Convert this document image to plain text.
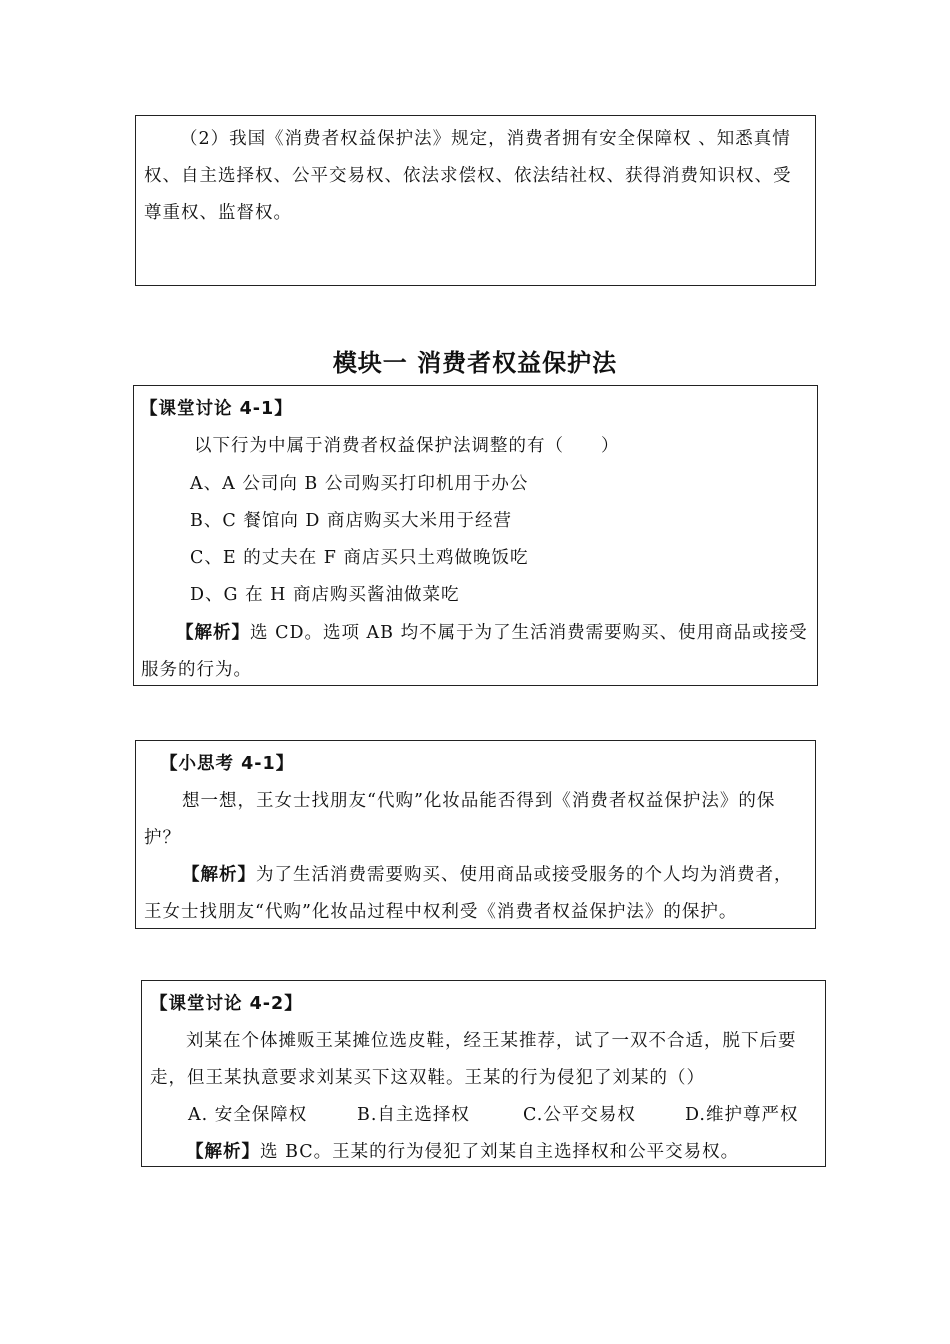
（2）我国《消费者权益保护法》规定，消费者拥有安全保障权 、知悉真情
权、自主选择权、公平交易权、依法求偿权、依法结社权、获得消费知识权、受
尊重权、监督权。
模块一 消费者权益保护法
【课堂讨论 4-1】
以下行为中属于消费者权益保护法调整的有（　　）
A、A 公司向 B 公司购买打印机用于办公
B、C 餐馆向 D 商店购买大米用于经营
C、E 的丈夫在 F 商店买只土鸡做晚饭吃
D、G 在 H 商店购买酱油做菜吃
【解析】选 CD。选项 AB 均不属于为了生活消费需要购买、使用商品或接受
服务的行为。
【小思考 4-1】
想一想，王女士找朋友“代购”化妆品能否得到《消费者权益保护法》的保
护？
【解析】为了生活消费需要购买、使用商品或接受服务的个人均为消费者，
王女士找朋友“代购”化妆品过程中权利受《消费者权益保护法》的保护。
【课堂讨论 4-2】
刘某在个体摊贩王某摊位选皮鞋，经王某推荐，试了一双不合适，脱下后要
走，但王某执意要求刘某买下这双鞋。王某的行为侵犯了刘某的（）
A. 安全保障权	B.自主选择权	C.公平交易权	D.维护尊严权
【解析】选 BC。王某的行为侵犯了刘某自主选择权和公平交易权。
